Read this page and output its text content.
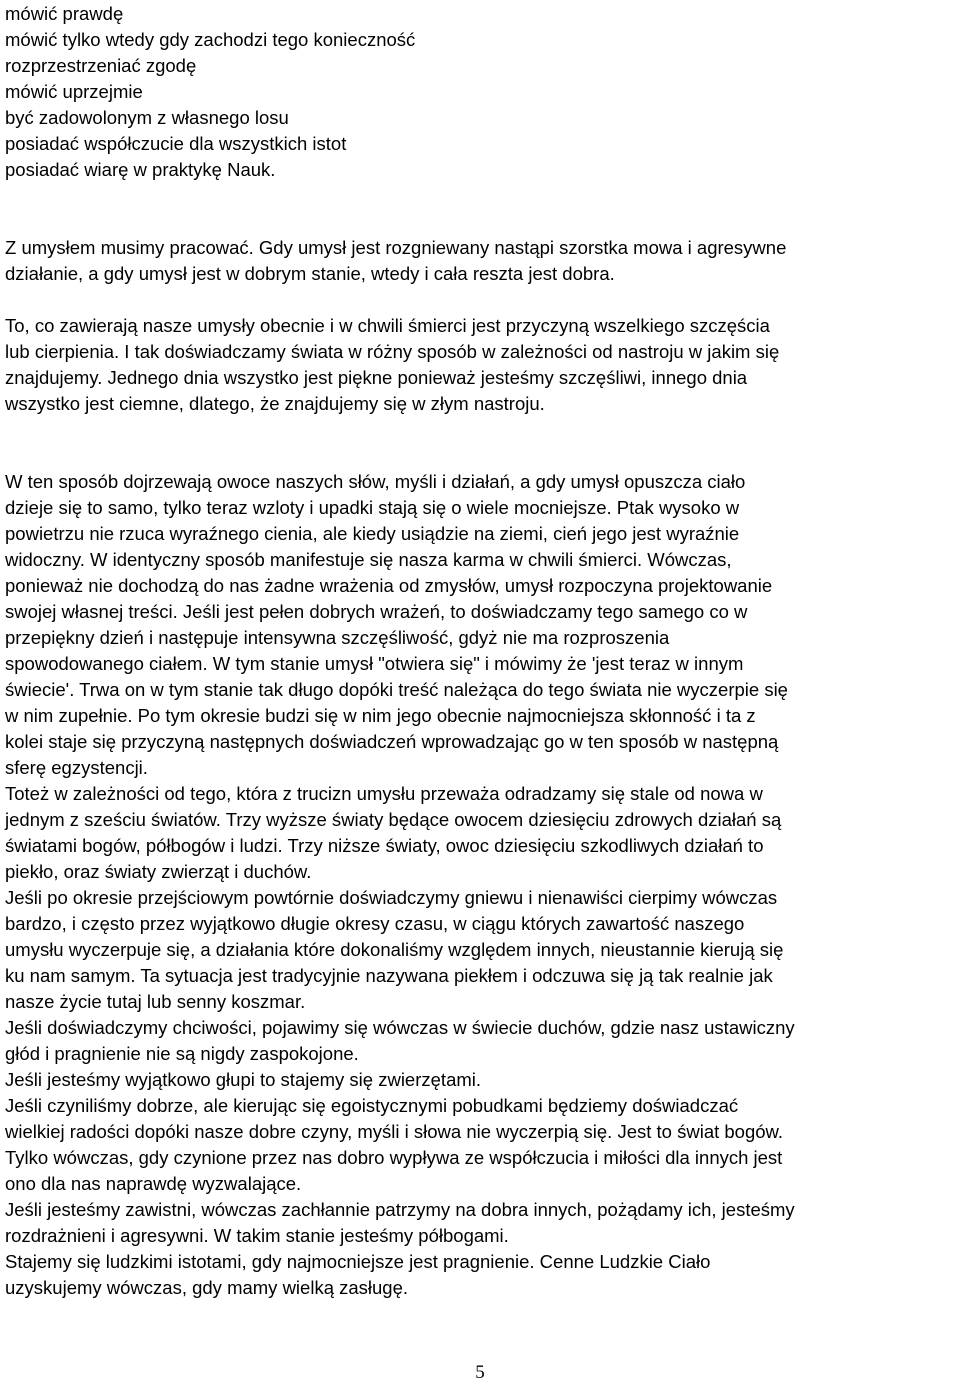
mówić prawdę
mówić tylko wtedy gdy zachodzi tego konieczność
rozprzestrzeniać zgodę
mówić uprzejmie
być zadowolonym z własnego losu
posiadać współczucie dla wszystkich istot
posiadać wiarę w praktykę Nauk.
Z umysłem musimy pracować. Gdy umysł jest rozgniewany nastąpi szorstka mowa i agresywne
działanie, a gdy umysł jest w dobrym stanie, wtedy i cała reszta jest dobra.
To, co zawierają nasze umysły obecnie i w chwili śmierci jest przyczyną wszelkiego szczęścia
lub cierpienia. I tak doświadczamy świata w różny sposób w zależności od nastroju w jakim się
znajdujemy. Jednego dnia wszystko jest piękne ponieważ jesteśmy szczęśliwi, innego dnia
wszystko jest ciemne, dlatego, że znajdujemy się w złym nastroju.
W ten sposób dojrzewają owoce naszych słów, myśli i działań, a gdy umysł opuszcza ciało
dzieje się to samo, tylko teraz wzloty i upadki stają się o wiele mocniejsze. Ptak wysoko w
powietrzu nie rzuca wyraźnego cienia, ale kiedy usiądzie na ziemi, cień jego jest wyraźnie
widoczny. W identyczny sposób manifestuje się nasza karma w chwili śmierci. Wówczas,
ponieważ nie dochodzą do nas żadne wrażenia od zmysłów, umysł rozpoczyna projektowanie
swojej własnej treści. Jeśli jest pełen dobrych wrażeń, to doświadczamy tego samego co w
przepiękny dzień i następuje intensywna szczęśliwość, gdyż nie ma rozproszenia
spowodowanego ciałem. W tym stanie umysł "otwiera się" i mówimy że 'jest teraz w innym
świecie'. Trwa on w tym stanie tak długo dopóki treść należąca do tego świata nie wyczerpie się
w nim zupełnie. Po tym okresie budzi się w nim jego obecnie najmocniejsza skłonność i ta z
kolei staje się przyczyną następnych doświadczeń wprowadzając go w ten sposób w następną
sferę egzystencji.
Toteż w zależności od tego, która z trucizn umysłu przeważa odradzamy się stale od nowa w
jednym z sześciu światów. Trzy wyższe światy będące owocem dziesięciu zdrowych działań są
światami bogów, półbogów i ludzi. Trzy niższe światy, owoc dziesięciu szkodliwych działań to
piekło, oraz światy zwierząt i duchów.
Jeśli po okresie przejściowym powtórnie doświadczymy gniewu i nienawiści cierpimy wówczas
bardzo, i często przez wyjątkowo długie okresy czasu, w ciągu których zawartość naszego
umysłu wyczerpuje się, a działania które dokonaliśmy względem innych, nieustannie kierują się
ku nam samym. Ta sytuacja jest tradycyjnie nazywana piekłem i odczuwa się ją tak realnie jak
nasze życie tutaj lub senny koszmar.
Jeśli doświadczymy chciwości, pojawimy się wówczas w świecie duchów, gdzie nasz ustawiczny
głód i pragnienie nie są nigdy zaspokojone.
Jeśli jesteśmy wyjątkowo głupi to stajemy się zwierzętami.
Jeśli czyniliśmy dobrze, ale kierując się egoistycznymi pobudkami będziemy doświadczać
wielkiej radości dopóki nasze dobre czyny, myśli i słowa nie wyczerpią się. Jest to świat bogów.
Tylko wówczas, gdy czynione przez nas dobro wypływa ze współczucia i miłości dla innych jest
ono dla nas naprawdę wyzwalające.
Jeśli jesteśmy zawistni, wówczas zachłannie patrzymy na dobra innych, pożądamy ich, jesteśmy
rozdrażnieni i agresywni. W takim stanie jesteśmy półbogami.
Stajemy się ludzkimi istotami, gdy najmocniejsze jest pragnienie. Cenne Ludzkie Ciało
uzyskujemy wówczas, gdy mamy wielką zasługę.
5
